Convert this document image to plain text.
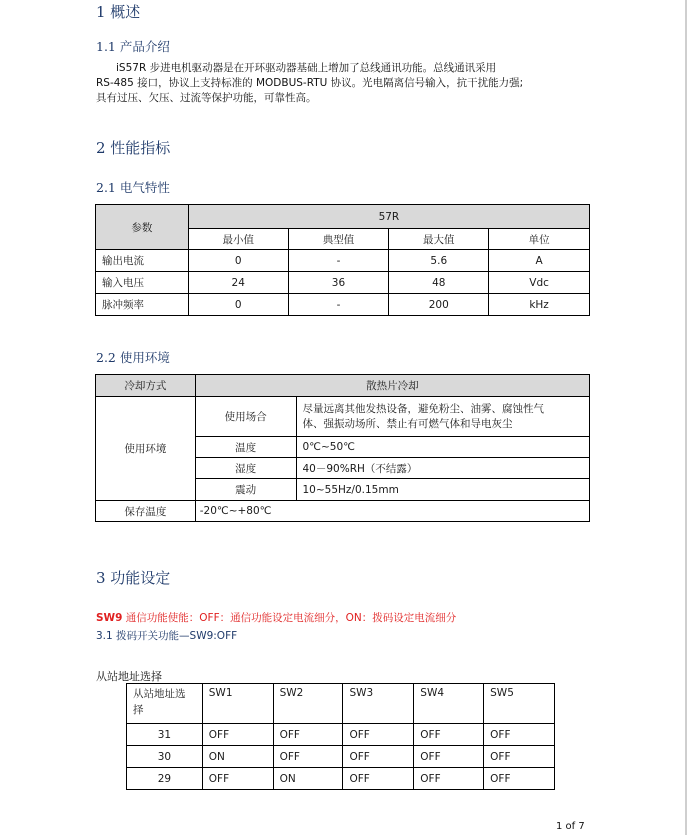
1 概述
1.1 产品介绍
iS57R 步进电机驱动器是在开环驱动器基础上增加了总线通讯功能。总线通讯采用
RS-485 接口，协议上支持标准的 MODBUS-RTU 协议。光电隔离信号输入，抗干扰能力强;
具有过压、欠压、过流等保护功能，可靠性高。
2 性能指标
2.1 电气特性
参数	57R			
	最小值	典型值	最大值	单位
输出电流	0	-	5.6	A
输入电压	24	36	48	Vdc
脉冲频率	0	-	200	kHz
2.2 使用环境
冷却方式	散热片冷却	
使用环境	使用场合	尽量远离其他发热设备，避免粉尘、油雾、腐蚀性气
体、强振动场所、禁止有可燃气体和导电灰尘

	温度	0℃~50℃
	湿度	40－90%RH（不结露）
	震动	10~55Hz/0.15mm
保存温度	-20℃~+80℃	
3 功能设定
SW9 通信功能使能：OFF：通信功能设定电流细分，ON：拨码设定电流细分
3.1 拨码开关功能—SW9:OFF
从站地址选择
从站地址选
择	SW1	SW2	SW3	SW4	SW5
31	OFF	OFF	OFF	OFF	OFF
30	ON	OFF	OFF	OFF	OFF
29	OFF	ON	OFF	OFF	OFF
1 of 7
